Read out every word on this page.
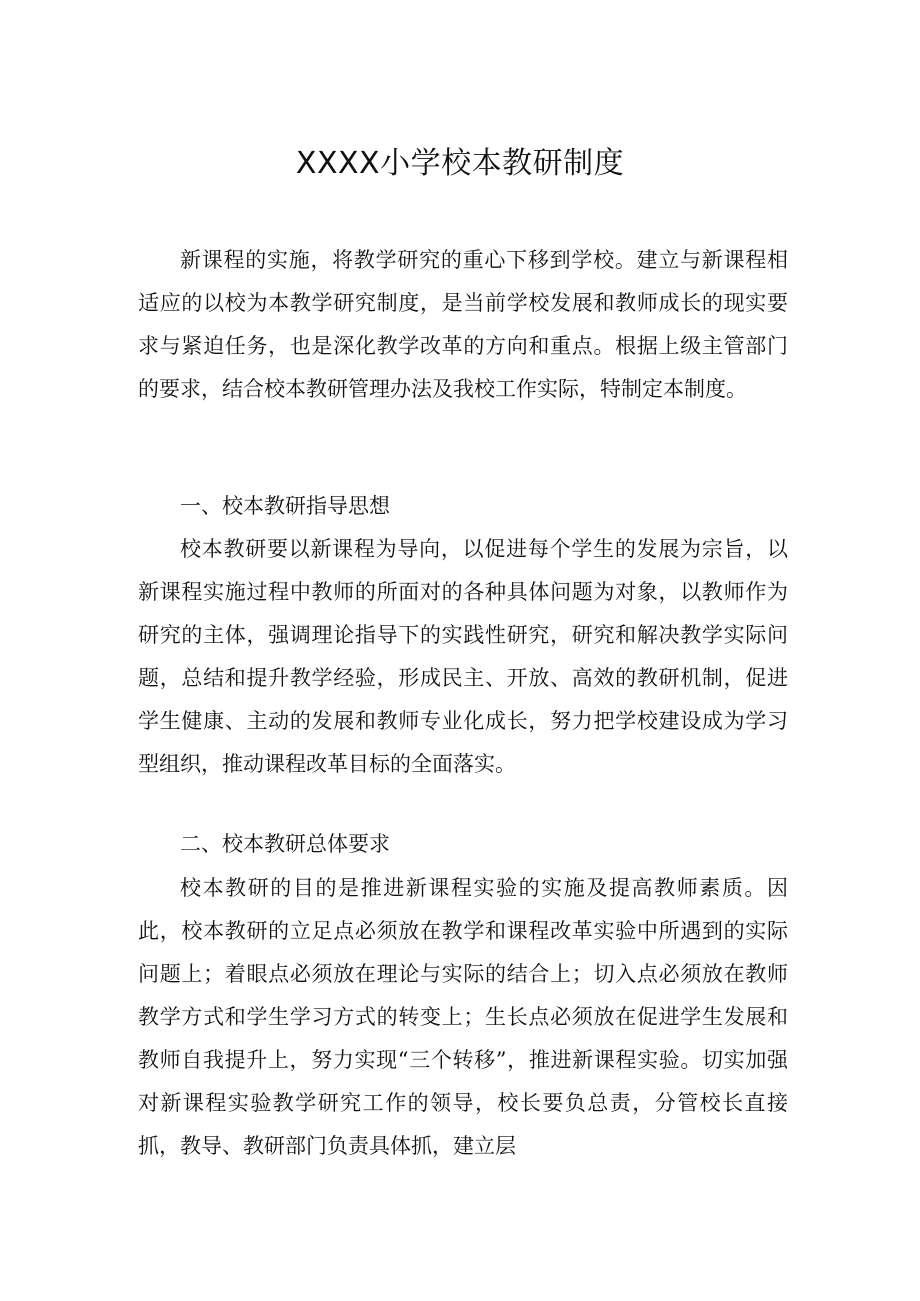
XXXX小学校本教研制度

新课程的实施，将教学研究的重心下移到学校。建立与新课程相适应的以校为本教学研究制度，是当前学校发展和教师成长的现实要求与紧迫任务，也是深化教学改革的方向和重点。根据上级主管部门的要求，结合校本教研管理办法及我校工作实际，特制定本制度。

一、校本教研指导思想

校本教研要以新课程为导向，以促进每个学生的发展为宗旨，以新课程实施过程中教师的所面对的各种具体问题为对象，以教师作为研究的主体，强调理论指导下的实践性研究，研究和解决教学实际问题，总结和提升教学经验，形成民主、开放、高效的教研机制，促进学生健康、主动的发展和教师专业化成长，努力把学校建设成为学习型组织，推动课程改革目标的全面落实。

二、校本教研总体要求

校本教研的目的是推进新课程实验的实施及提高教师素质。因此，校本教研的立足点必须放在教学和课程改革实验中所遇到的实际问题上；着眼点必须放在理论与实际的结合上；切入点必须放在教师教学方式和学生学习方式的转变上；生长点必须放在促进学生发展和教师自我提升上，努力实现“三个转移”，推进新课程实验。切实加强对新课程实验教学研究工作的领导，校长要负总责，分管校长直接抓，教导、教研部门负责具体抓，建立层
